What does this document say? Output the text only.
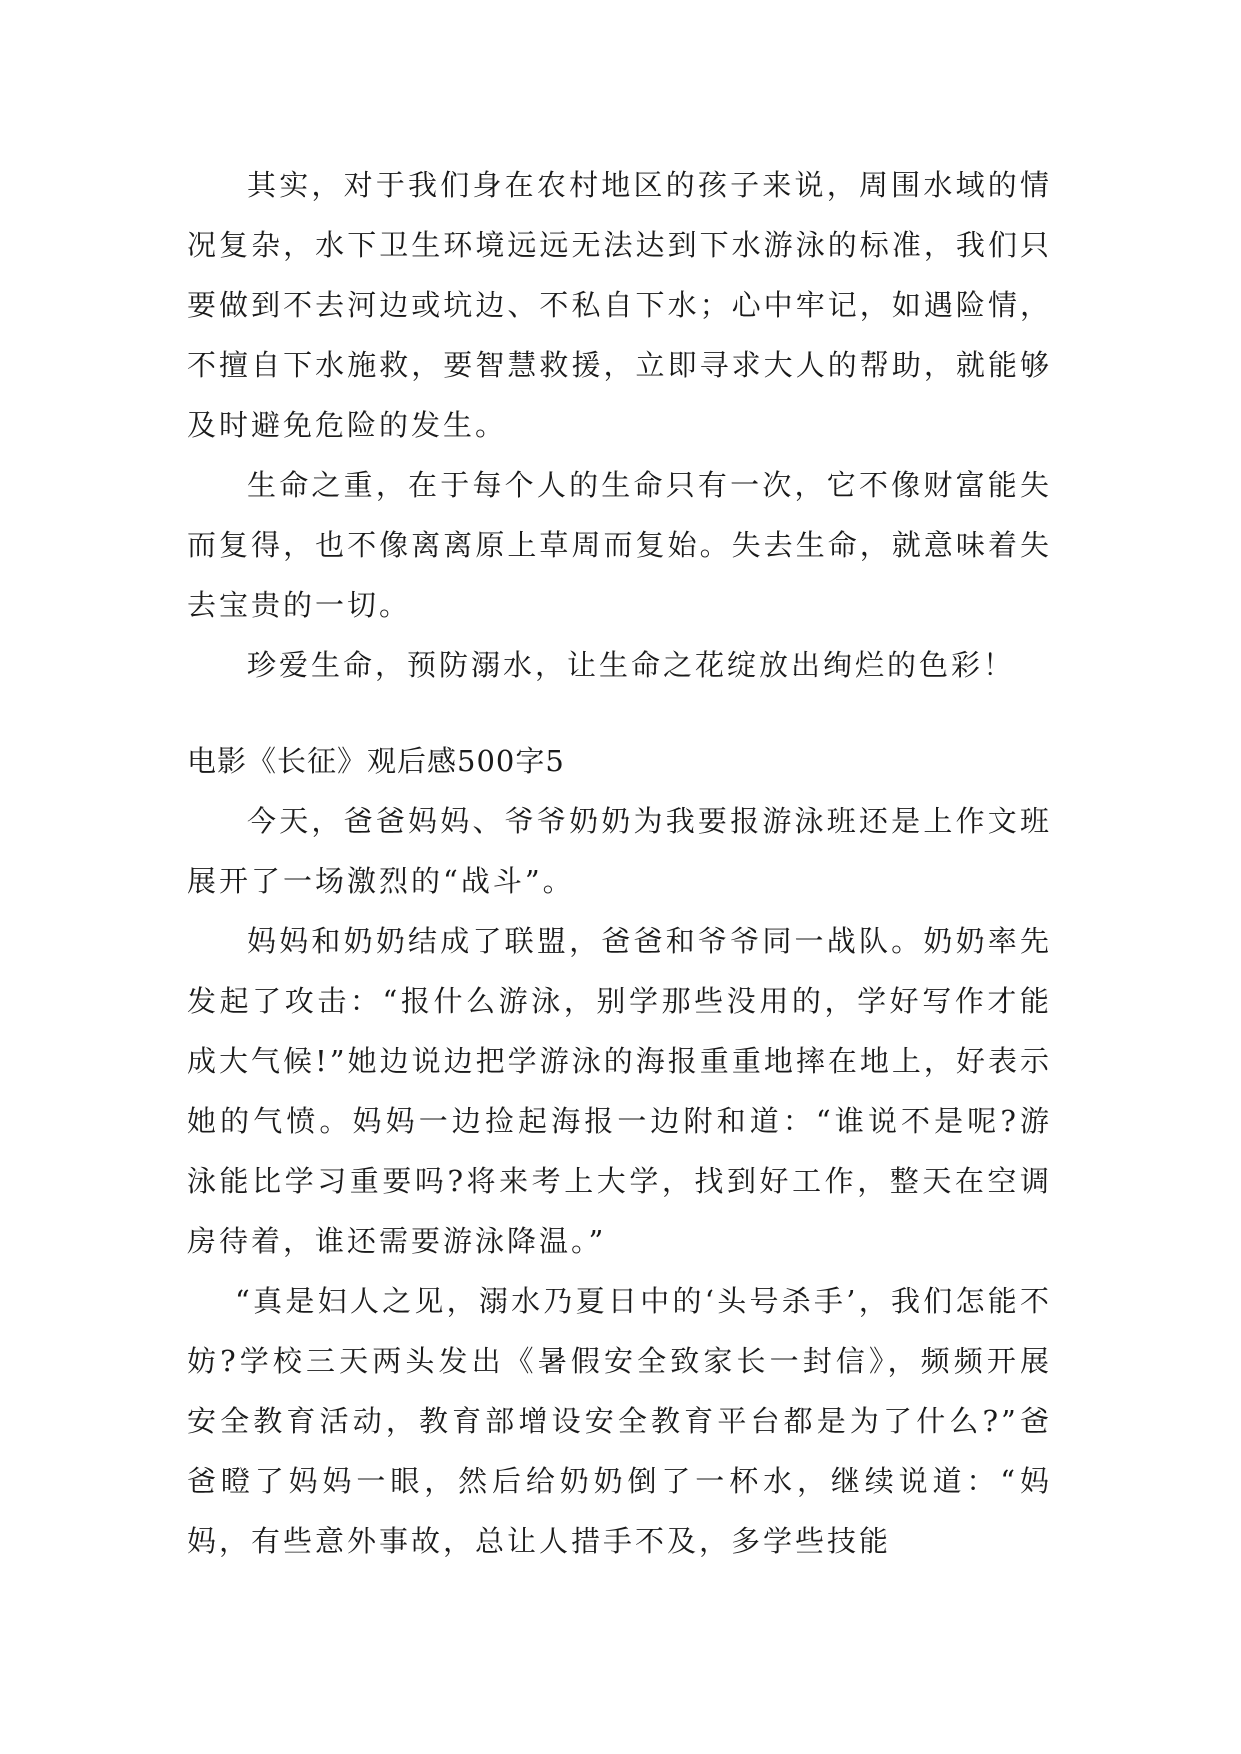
其实，对于我们身在农村地区的孩子来说，周围水域的情况复杂，水下卫生环境远远无法达到下水游泳的标准，我们只要做到不去河边或坑边、不私自下水；心中牢记，如遇险情，不擅自下水施救，要智慧救援，立即寻求大人的帮助，就能够及时避免危险的发生。

生命之重，在于每个人的生命只有一次，它不像财富能失而复得，也不像离离原上草周而复始。失去生命，就意味着失去宝贵的一切。

珍爱生命，预防溺水，让生命之花绽放出绚烂的色彩！

电影《长征》观后感500字5

今天，爸爸妈妈、爷爷奶奶为我要报游泳班还是上作文班展开了一场激烈的“战斗”。

妈妈和奶奶结成了联盟，爸爸和爷爷同一战队。奶奶率先发起了攻击：“报什么游泳，别学那些没用的，学好写作才能成大气候!”她边说边把学游泳的海报重重地摔在地上，好表示她的气愤。妈妈一边捡起海报一边附和道：“谁说不是呢?游泳能比学习重要吗?将来考上大学，找到好工作，整天在空调房待着，谁还需要游泳降温。”

“真是妇人之见，溺水乃夏日中的‘头号杀手’，我们怎能不妨?学校三天两头发出《暑假安全致家长一封信》，频频开展安全教育活动，教育部增设安全教育平台都是为了什么?”爸爸瞪了妈妈一眼，然后给奶奶倒了一杯水，继续说道：“妈妈，有些意外事故，总让人措手不及，多学些技能
